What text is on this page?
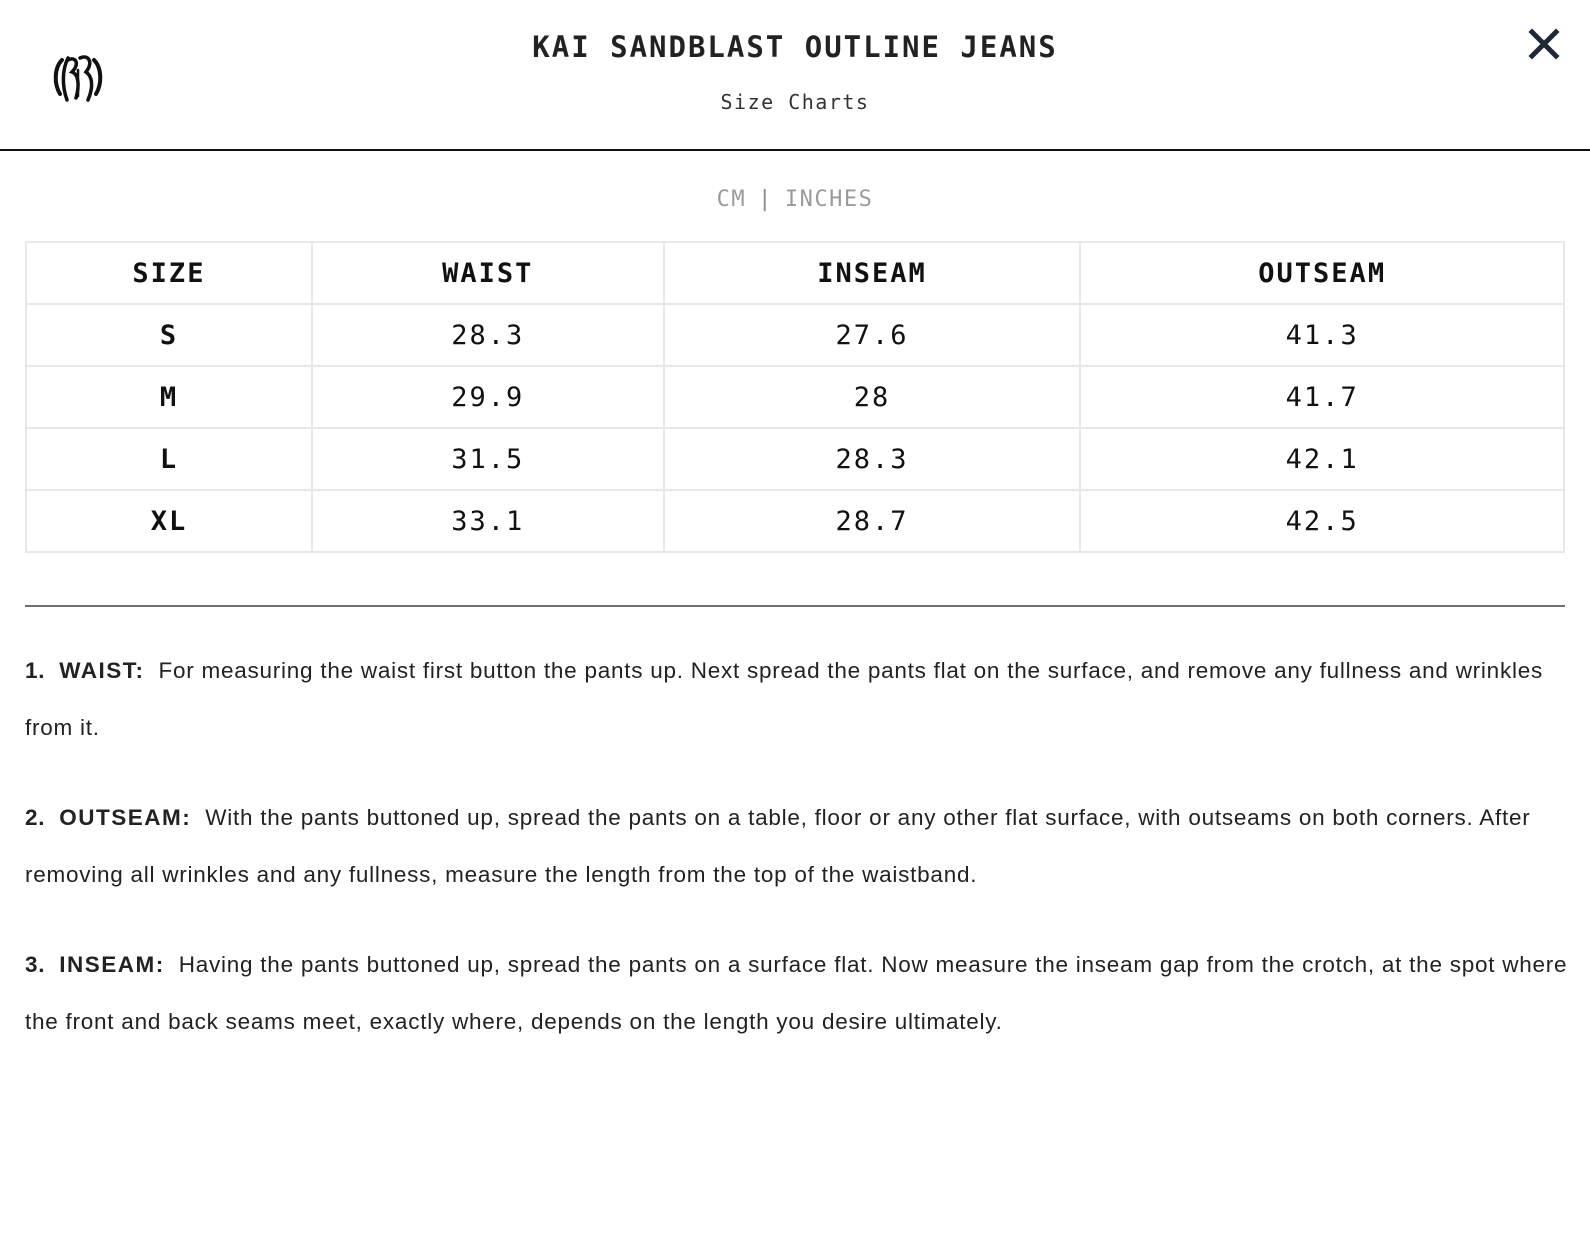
KAI SANDBLAST OUTLINE JEANS
Size Charts
CM | INCHES
SIZE	WAIST	INSEAM	OUTSEAM
S	28.3	27.6	41.3
M	29.9	28	41.7
L	31.5	28.3	42.1
XL	33.1	28.7	42.5

1. WAIST: For measuring the waist first button the pants up. Next spread the pants flat on the surface, and remove any fullness and wrinkles from it.

2. OUTSEAM: With the pants buttoned up, spread the pants on a table, floor or any other flat surface, with outseams on both corners. After removing all wrinkles and any fullness, measure the length from the top of the waistband.

3. INSEAM: Having the pants buttoned up, spread the pants on a surface flat. Now measure the inseam gap from the crotch, at the spot where the front and back seams meet, exactly where, depends on the length you desire ultimately.
